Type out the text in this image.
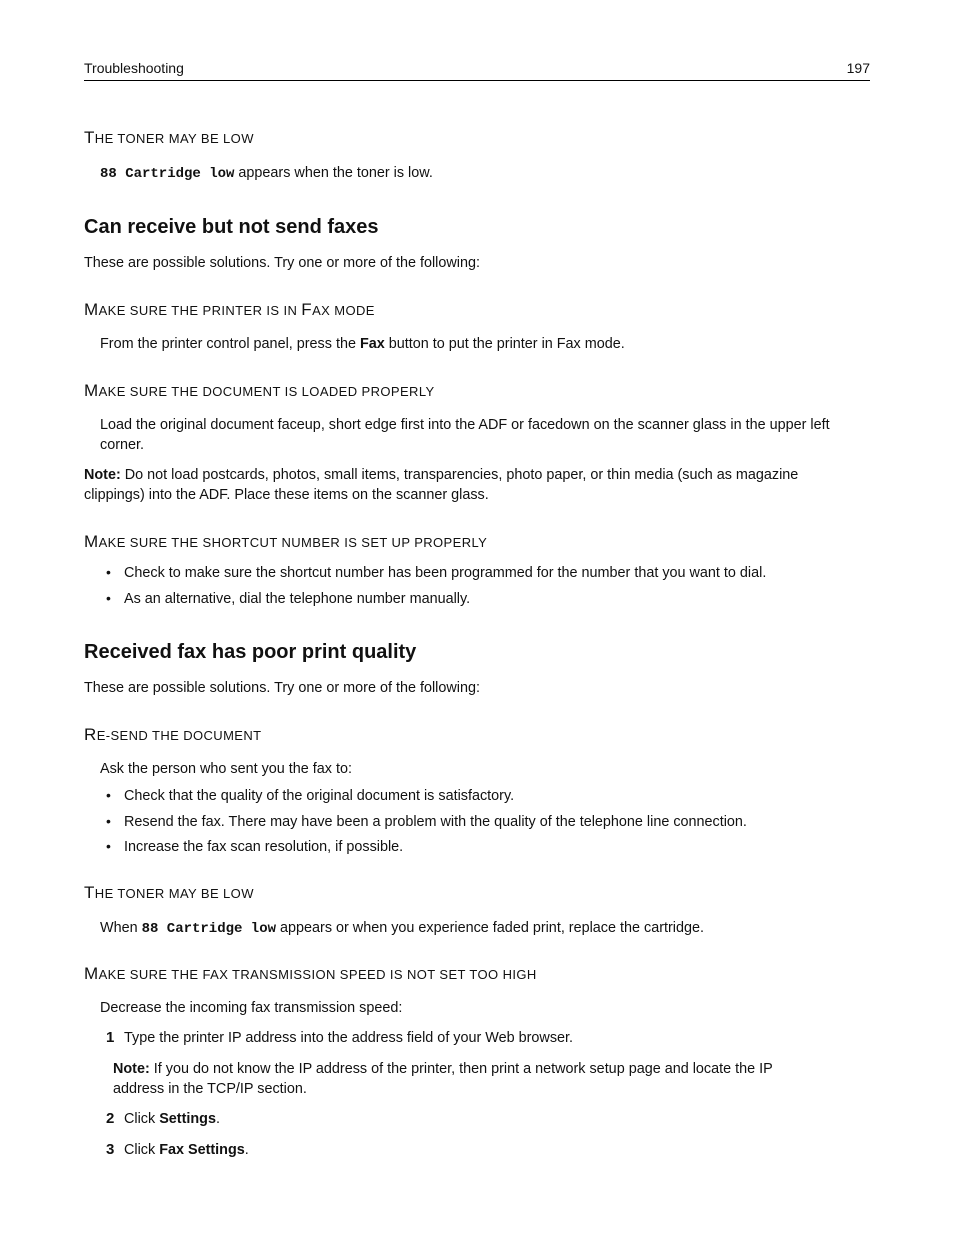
Troubleshooting	197
THE TONER MAY BE LOW
88 Cartridge low appears when the toner is low.
Can receive but not send faxes
These are possible solutions. Try one or more of the following:
MAKE SURE THE PRINTER IS IN FAX MODE
From the printer control panel, press the Fax button to put the printer in Fax mode.
MAKE SURE THE DOCUMENT IS LOADED PROPERLY
Load the original document faceup, short edge first into the ADF or facedown on the scanner glass in the upper left
corner.
Note: Do not load postcards, photos, small items, transparencies, photo paper, or thin media (such as magazine
clippings) into the ADF. Place these items on the scanner glass.
MAKE SURE THE SHORTCUT NUMBER IS SET UP PROPERLY
• Check to make sure the shortcut number has been programmed for the number that you want to dial.
• As an alternative, dial the telephone number manually.
Received fax has poor print quality
These are possible solutions. Try one or more of the following:
RE-SEND THE DOCUMENT
Ask the person who sent you the fax to:
• Check that the quality of the original document is satisfactory.
• Resend the fax. There may have been a problem with the quality of the telephone line connection.
• Increase the fax scan resolution, if possible.
THE TONER MAY BE LOW
When 88 Cartridge low appears or when you experience faded print, replace the cartridge.
MAKE SURE THE FAX TRANSMISSION SPEED IS NOT SET TOO HIGH
Decrease the incoming fax transmission speed:
1 Type the printer IP address into the address field of your Web browser.
Note: If you do not know the IP address of the printer, then print a network setup page and locate the IP
address in the TCP/IP section.
2 Click Settings.
3 Click Fax Settings.
